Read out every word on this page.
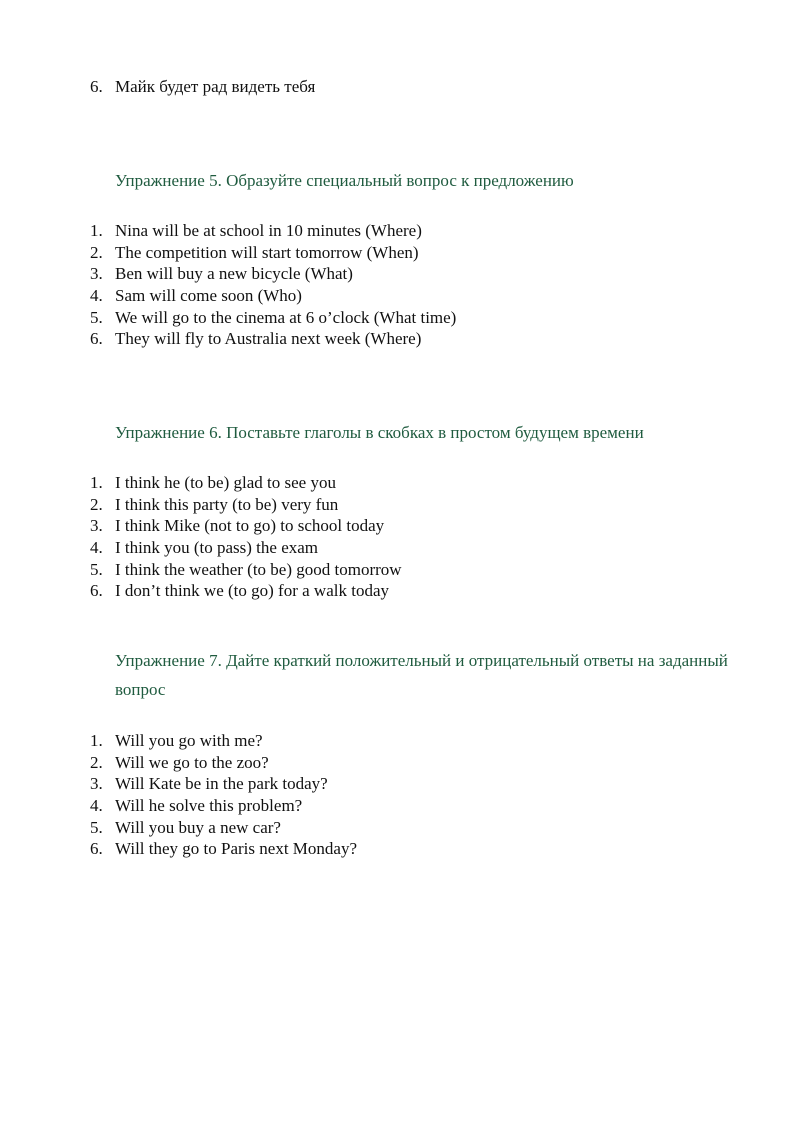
6. Майк будет рад видеть тебя
Упражнение 5. Образуйте специальный вопрос к предложению
1. Nina will be at school in 10 minutes (Where)
2. The competition will start tomorrow (When)
3. Ben will buy a new bicycle (What)
4. Sam will come soon (Who)
5. We will go to the cinema at 6 o’clock (What time)
6. They will fly to Australia next week (Where)
Упражнение 6. Поставьте глаголы в скобках в простом будущем времени
1. I think he (to be) glad to see you
2. I think this party (to be) very fun
3. I think Mike (not to go) to school today
4. I think you (to pass) the exam
5. I think the weather (to be) good tomorrow
6. I don’t think we (to go) for a walk today
Упражнение 7. Дайте краткий положительный и отрицательный ответы на заданный вопрос
1. Will you go with me?
2. Will we go to the zoo?
3. Will Kate be in the park today?
4. Will he solve this problem?
5. Will you buy a new car?
6. Will they go to Paris next Monday?
